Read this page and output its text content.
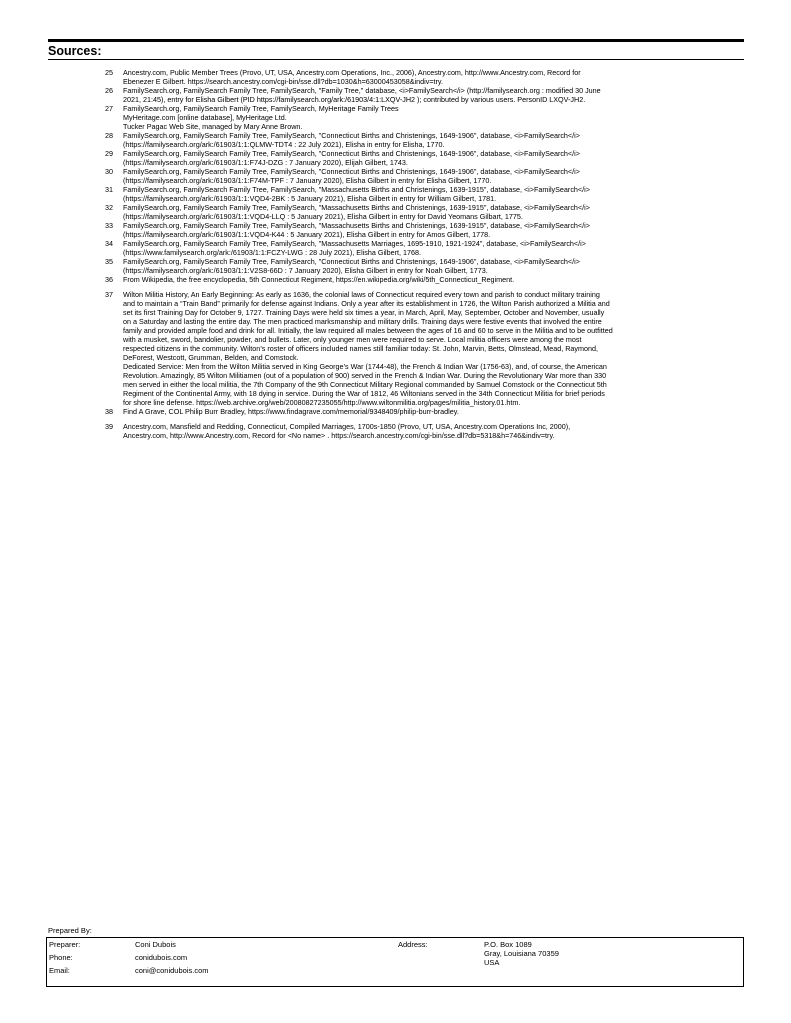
Sources:
25	Ancestry.com, Public Member Trees (Provo, UT, USA, Ancestry.com Operations, Inc., 2006), Ancestry.com, http://www.Ancestry.com, Record for
Ebenezer E Gilbert. https://search.ancestry.com/cgi-bin/sse.dll?db=1030&h=63000453058&indiv=try.
26	FamilySearch.org, FamilySearch Family Tree, FamilySearch, "Family Tree," database, <i>FamilySearch</i> (http://familysearch.org : modified 30 June
2021, 21:45), entry for Elisha Gilbert (PID https://familysearch.org/ark:/61903/4:1:LXQV-JH2 ); contributed by various users. PersonID LXQV-JH2.
27	FamilySearch.org, FamilySearch Family Tree, FamilySearch, MyHeritage Family Trees
MyHeritage.com [online database], MyHeritage Ltd.
Tucker Pagac Web Site, managed by Mary Anne Brown.
28	FamilySearch.org, FamilySearch Family Tree, FamilySearch, "Connecticut Births and Christenings, 1649-1906", database, <i>FamilySearch</i>
(https://familysearch.org/ark:/61903/1:1:QLMW-TDT4 : 22 July 2021), Elisha in entry for Elisha, 1770.
29	FamilySearch.org, FamilySearch Family Tree, FamilySearch, "Connecticut Births and Christenings, 1649-1906", database, <i>FamilySearch</i>
(https://familysearch.org/ark:/61903/1:1:F74J-DZG : 7 January 2020), Elijah Gilbert, 1743.
30	FamilySearch.org, FamilySearch Family Tree, FamilySearch, "Connecticut Births and Christenings, 1649-1906", database, <i>FamilySearch</i>
(https://familysearch.org/ark:/61903/1:1:F74M-TPF : 7 January 2020), Elisha Gilbert in entry for Elisha Gilbert, 1770.
31	FamilySearch.org, FamilySearch Family Tree, FamilySearch, "Massachusetts Births and Christenings, 1639-1915", database, <i>FamilySearch</i>
(https://familysearch.org/ark:/61903/1:1:VQD4-2BK : 5 January 2021), Elisha Gilbert in entry for William Gilbert, 1781.
32	FamilySearch.org, FamilySearch Family Tree, FamilySearch, "Massachusetts Births and Christenings, 1639-1915", database, <i>FamilySearch</i>
(https://familysearch.org/ark:/61903/1:1:VQD4-LLQ : 5 January 2021), Elisha Gilbert in entry for David Yeomans Gilbart, 1775.
33	FamilySearch.org, FamilySearch Family Tree, FamilySearch, "Massachusetts Births and Christenings, 1639-1915", database, <i>FamilySearch</i>
(https://familysearch.org/ark:/61903/1:1:VQD4-K44 : 5 January 2021), Elisha Gilbert in entry for Amos Gilbert, 1778.
34	FamilySearch.org, FamilySearch Family Tree, FamilySearch, "Massachusetts Marriages, 1695-1910, 1921-1924", database, <i>FamilySearch</i>
(https://www.familysearch.org/ark:/61903/1:1:FCZY-LWG : 28 July 2021), Elisha Gilbert, 1768.
35	FamilySearch.org, FamilySearch Family Tree, FamilySearch, "Connecticut Births and Christenings, 1649-1906", database, <i>FamilySearch</i>
(https://familysearch.org/ark:/61903/1:1:V2S8-66D : 7 January 2020), Elisha Gilbert in entry for Noah Gilbert, 1773.
36	From Wikipedia, the free encyclopedia, 5th Connecticut Regiment, https://en.wikipedia.org/wiki/5th_Connecticut_Regiment.
37	Wilton Militia History, An Early Beginning: As early as 1636, the colonial laws of Connecticut required every town and parish to conduct military training
and to maintain a “Train Band” primarily for defense against Indians. Only a year after its establishment in 1726, the Wilton Parish authorized a Militia and
set its first Training Day for October 9, 1727. Training Days were held six times a year, in March, April, May, September, October and November, usually
on a Saturday and lasting the entire day. The men practiced marksmanship and military drills. Training days were festive events that involved the entire
family and provided ample food and drink for all. Initially, the law required all males between the ages of 16 and 60 to serve in the Militia and to be outfitted
with a musket, sword, bandolier, powder, and bullets. Later, only younger men were required to serve. Local militia officers were among the most
respected citizens in the community. Wilton’s roster of officers included names still familiar today: St. John, Marvin, Betts, Olmstead, Mead, Raymond,
DeForest, Westcott, Grumman, Belden, and Comstock.
Dedicated Service: Men from the Wilton Militia served in King George’s War (1744-48), the French & Indian War (1756-63), and, of course, the American
Revolution. Amazingly, 85 Wilton Militiamen (out of a population of 900) served in the French & Indian War. During the Revolutionary War more than 330
men served in either the local militia, the 7th Company of the 9th Connecticut Military Regional commanded by Samuel Comstock or the Connecticut 5th
Regiment of the Continental Army, with 18 dying in service. During the War of 1812, 46 Wiltonians served in the 34th Connecticut Militia for brief periods
for shore line defense. https://web.archive.org/web/20080827235055/http://www.wiltonmilitia.org/pages/militia_history.01.htm.
38	Find A Grave, COL Philip Burr Bradley, https://www.findagrave.com/memorial/9348409/philip-burr-bradley.
39	Ancestry.com, Mansfield and Redding, Connecticut, Compiled Marriages, 1700s-1850 (Provo, UT, USA, Ancestry.com Operations Inc, 2000),
Ancestry.com, http://www.Ancestry.com, Record for <No name> . https://search.ancestry.com/cgi-bin/sse.dll?db=5318&h=746&indiv=try.
Prepared By:
Preparer:	Coni Dubois
Phone:	conidubois.com
Email:	coni@conidubois.com
Address:	P.O. Box 1089
Gray, Louisiana 70359
USA
